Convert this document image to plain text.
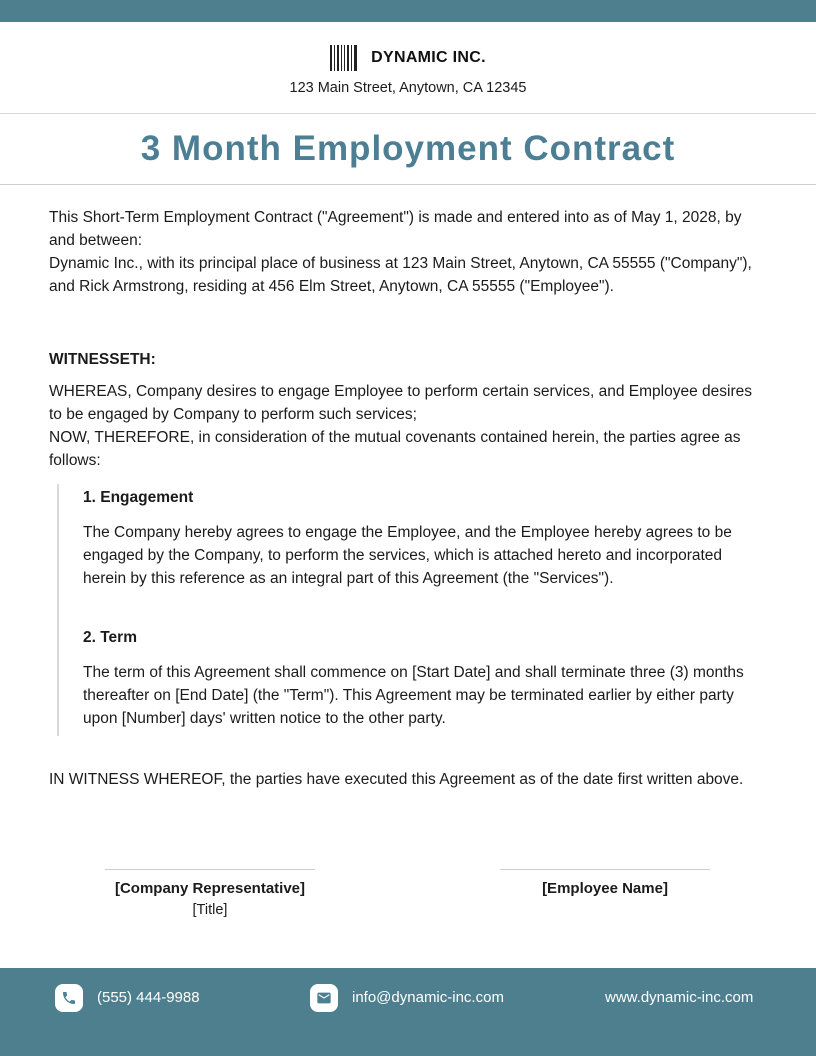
DYNAMIC INC.
123 Main Street, Anytown, CA 12345
3 Month Employment Contract

This Short-Term Employment Contract ("Agreement") is made and entered into as of May 1, 2028, by and between:

Dynamic Inc., with its principal place of business at 123 Main Street, Anytown, CA 55555 ("Company"), and Rick Armstrong, residing at 456 Elm Street, Anytown, CA 55555 ("Employee").

WITNESSETH:

WHEREAS, Company desires to engage Employee to perform certain services, and Employee desires to be engaged by Company to perform such services;

NOW, THEREFORE, in consideration of the mutual covenants contained herein, the parties agree as follows:

1. Engagement

The Company hereby agrees to engage the Employee, and the Employee hereby agrees to be engaged by the Company, to perform the services, which is attached hereto and incorporated herein by this reference as an integral part of this Agreement (the "Services").

2. Term

The term of this Agreement shall commence on [Start Date] and shall terminate three (3) months thereafter on [End Date] (the "Term"). This Agreement may be terminated earlier by either party upon [Number] days' written notice to the other party.

IN WITNESS WHEREOF, the parties have executed this Agreement as of the date first written above.

[Company Representative]
[Title]
[Employee Name]
(555) 444-9988	info@dynamic-inc.com	www.dynamic-inc.com
